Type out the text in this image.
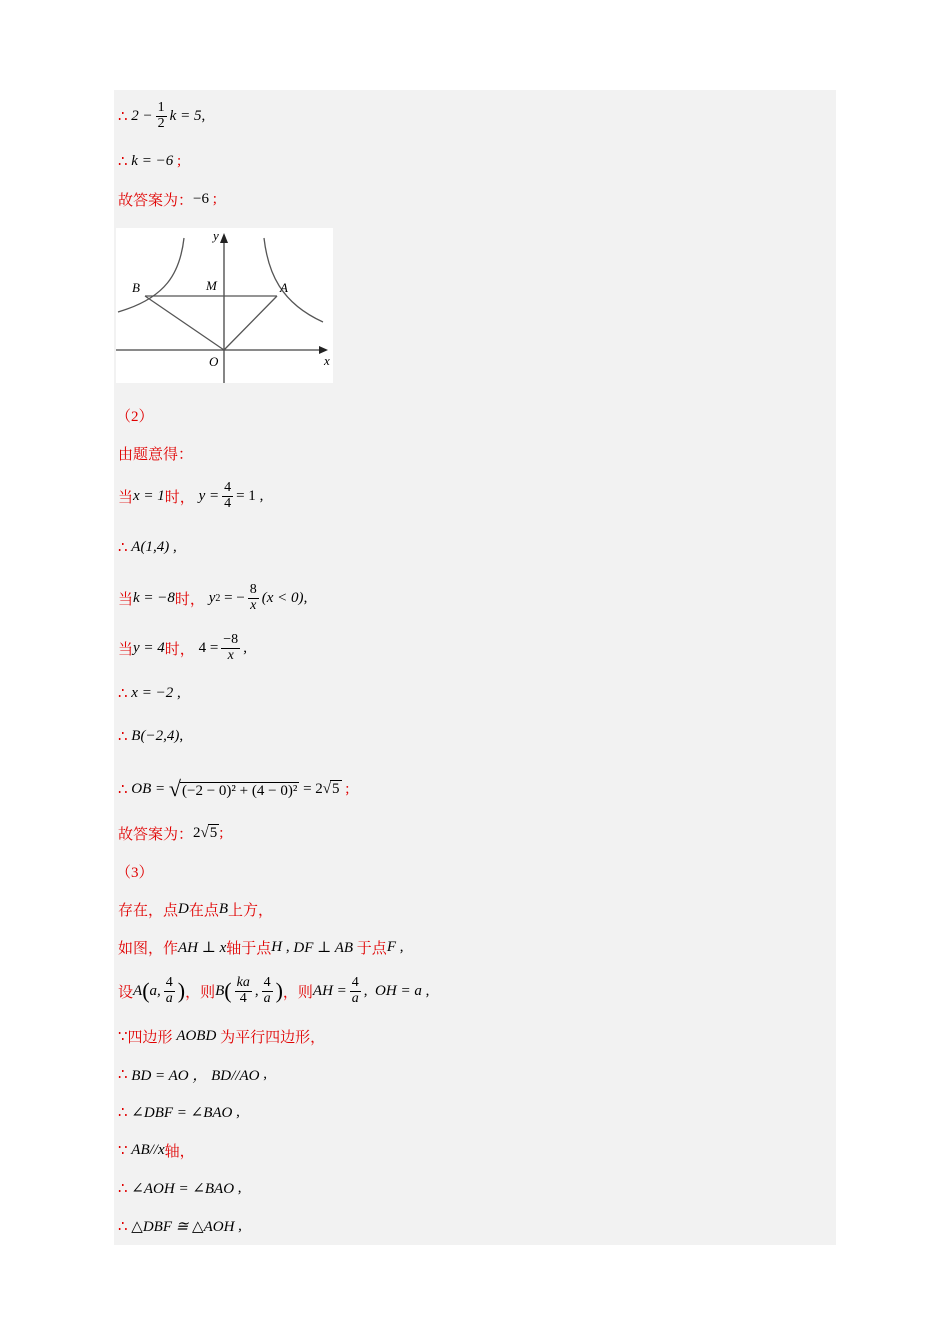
∴
$2 - \frac{1}{2}$ k = 5 ,
∴
k = −6
;
故答案为： −6
;
y
x
O
A
B	M
（2）
由题意得：
当 x = 1 时，
$y = \frac{4}{4} = 1$ ,
∴
A(1,4) ,
当 k = −8 时，
y 2
= − $\frac{8}{x} (x < 0)$ ,
当 y = 4 时，
$4 = \frac{-8}{x}$ ,
∴
x = −2 ,
∴
B(−2,4) ,
∴
OB =
√ (−2 − 0)² + (4 − 0)²
= 2 √ 5
;
故答案为： 2 √ 5 ;
（3）
存在，点 D 在点 B 上方，
如图，作 AH ⊥ x 轴于点 H , DF ⊥ AB
于点 F ,
设 A ( a, $\frac{4}{a}$ ) ，则 B ( $\frac{ka}{4}$ , $\frac{4}{a}$ ) ，则 AH = $\frac{4}{a}$ , OH = a ,
∵ 四边形
AOBD
为平行四边形，
∴
BD = AO ， BD//AO ,
∴
∠DBF = ∠BAO ,
∵
AB//x 轴，
∴
∠AOH = ∠BAO ,
∴
△DBF ≅ △AOH ,
